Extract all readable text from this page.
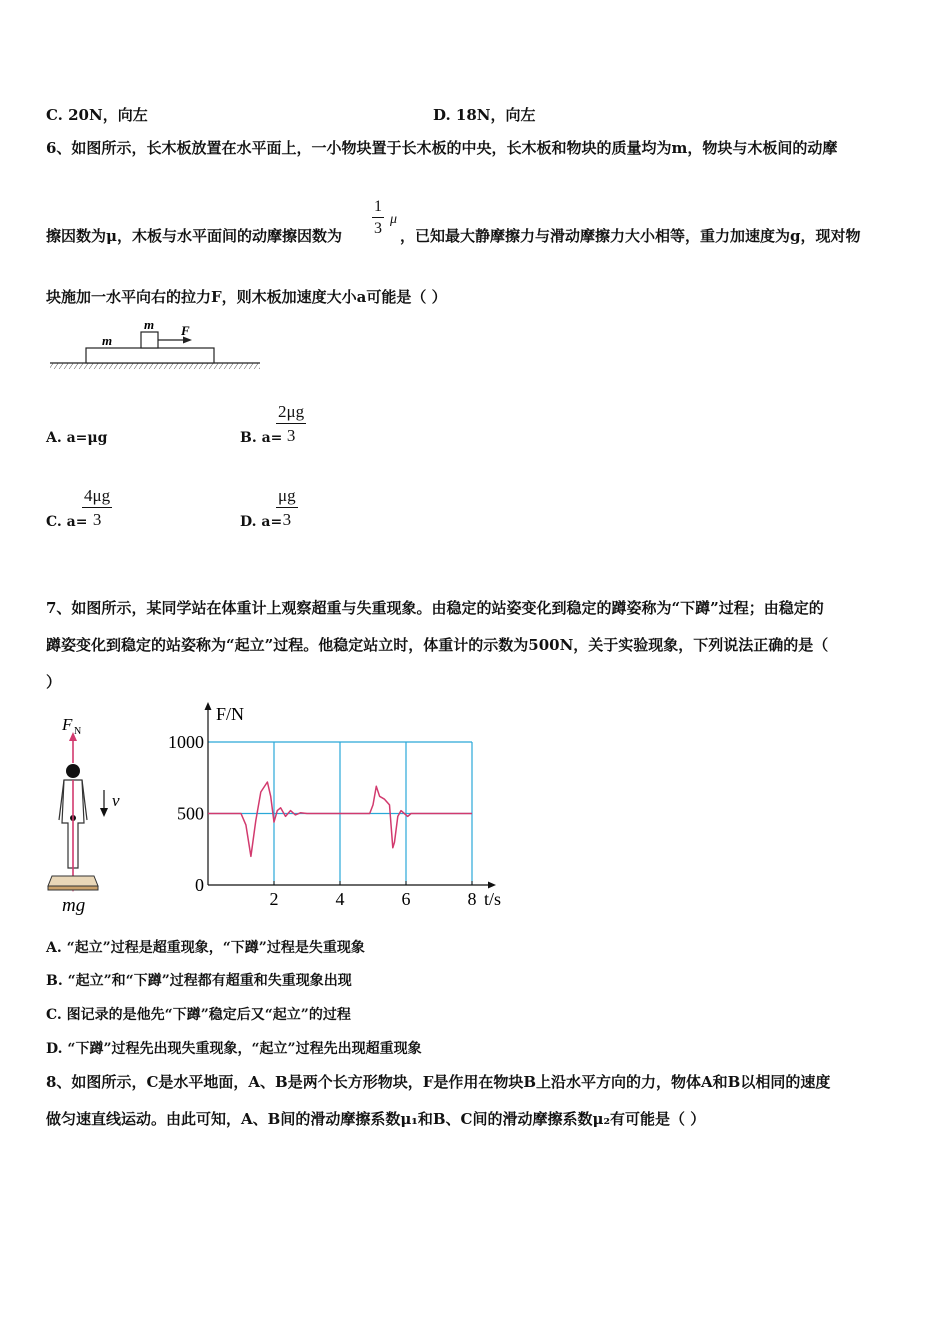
C. 20N，向左	D. 18N，向左
6、如图所示，长木板放置在水平面上，一小物块置于长木板的中央，长木板和物块的质量均为m，物块与木板间的动摩
擦因数为μ，木板与水平面间的动摩擦因数为 $\frac{1}{3}$ μ
，已知最大静摩擦力与滑动摩擦力大小相等，重力加速度为g，现对物
块施加一水平向右的拉力F，则木板加速度大小a可能是（ ）
m
m F
A. a=μg	B. a=
$\frac{2\mu g}{3}$
C. a=
$\frac{4\mu g}{3}$	D. a=
$\frac{\mu g}{3}$
7、如图所示，某同学站在体重计上观察超重与失重现象。由稳定的站姿变化到稳定的蹲姿称为“下蹲”过程；由稳定的
蹲姿变化到稳定的站姿称为“起立”过程。他稳定站立时，体重计的示数为500N，关于实验现象，下列说法正确的是（
）
F N
v
mg	2	4	6	8
0
500
1000
t/s
F/N
A. “起立”过程是超重现象，“下蹲”过程是失重现象
B. “起立”和“下蹲”过程都有超重和失重现象出现
C. 图记录的是他先“下蹲”稳定后又“起立”的过程
D. “下蹲”过程先出现失重现象，“起立”过程先出现超重现象
8、如图所示，C是水平地面，A、B是两个长方形物块，F是作用在物块B上沿水平方向的力，物体A和B以相同的速度
做匀速直线运动。由此可知，A、B间的滑动摩擦系数μ₁和B、C间的滑动摩擦系数μ₂有可能是（ ）
